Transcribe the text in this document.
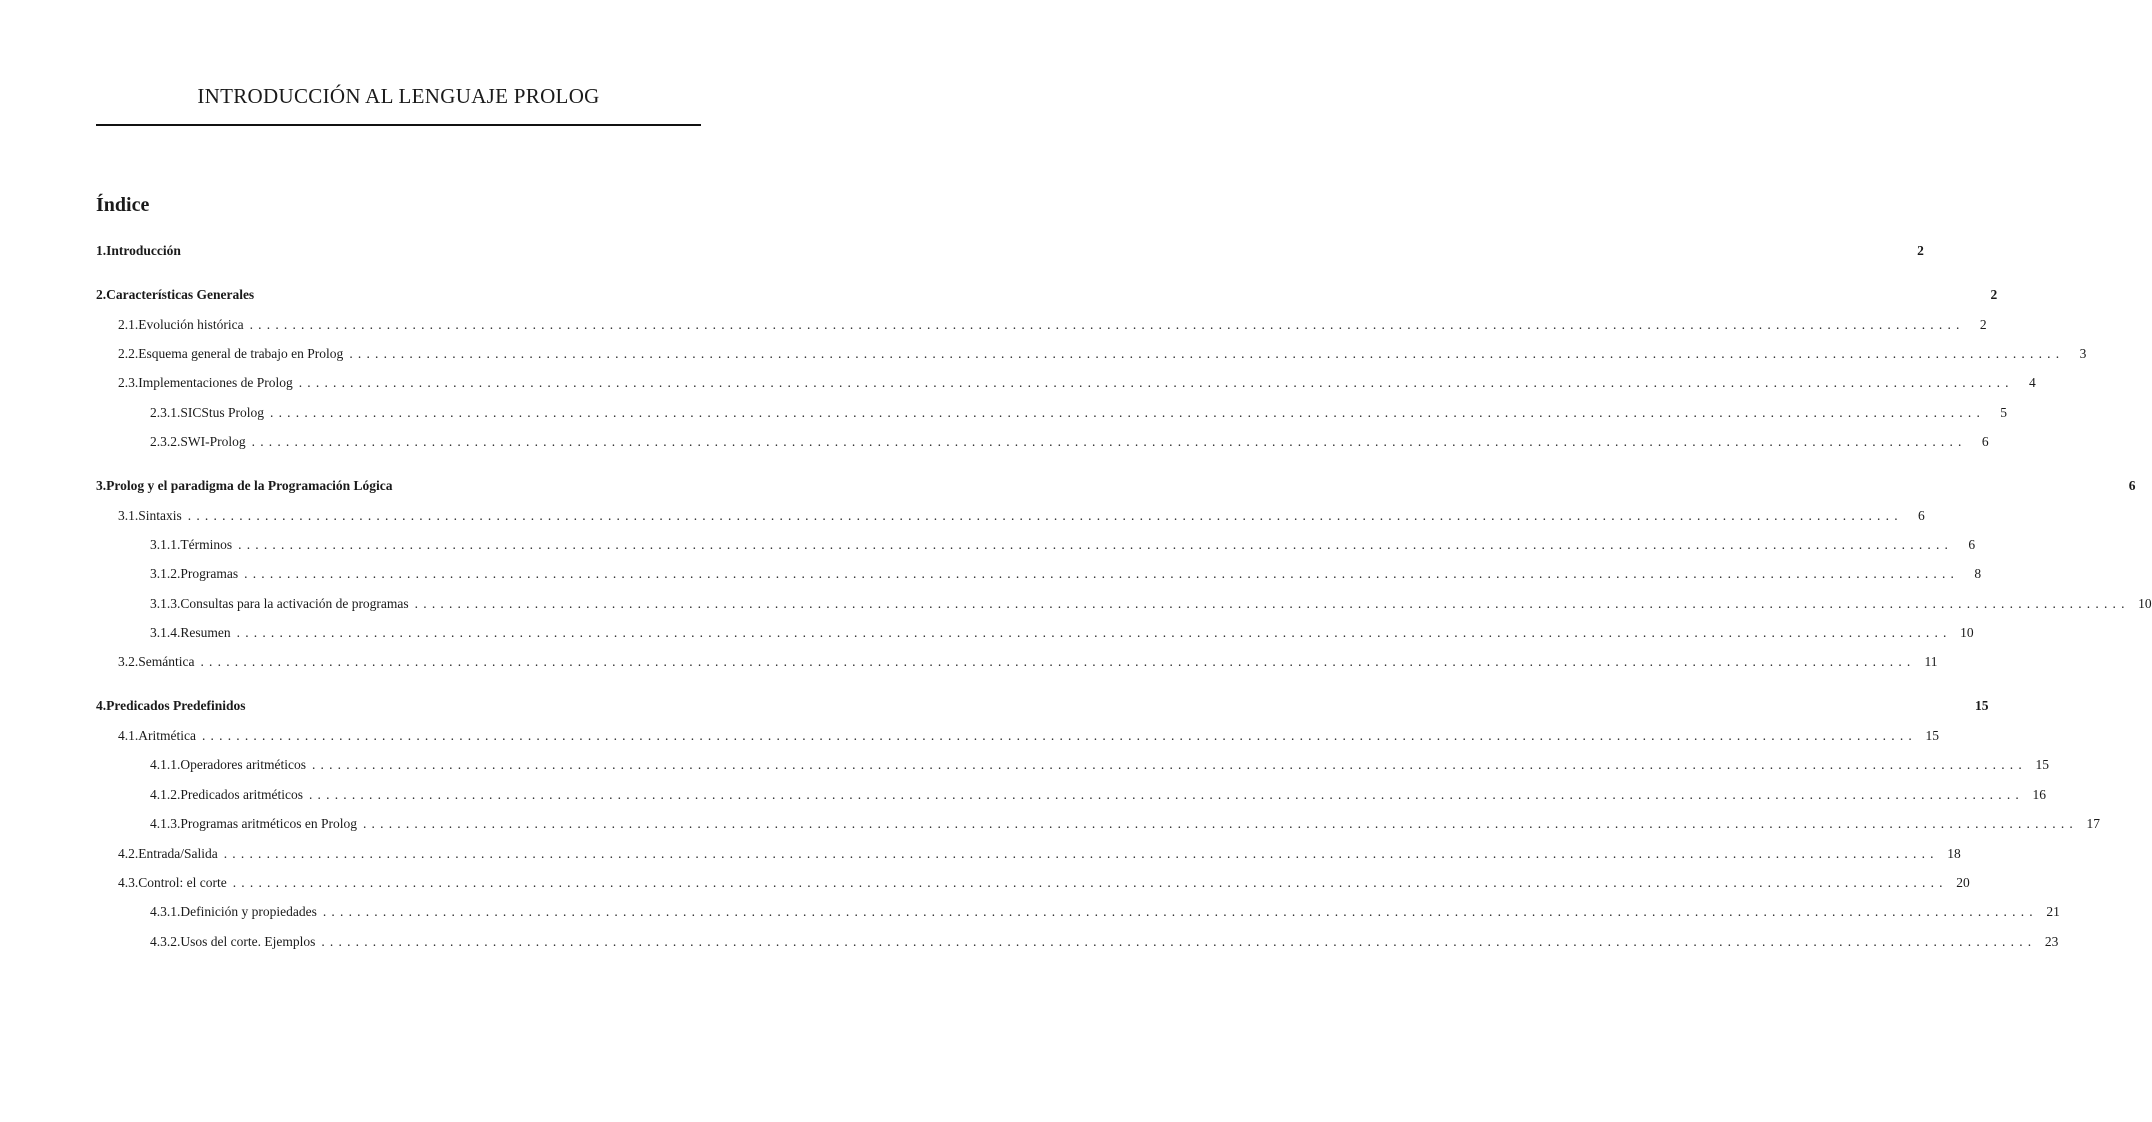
INTRODUCCIÓN AL LENGUAJE PROLOG
Índice
1. Introducción	2
2. Características Generales	2
2.1. Evolución histórica ........................................................................................................................................................................................................	2
2.2. Esquema general de trabajo en Prolog ........................................................................................................................................................................................................	3
2.3. Implementaciones de Prolog ........................................................................................................................................................................................................	4
2.3.1. SICStus Prolog ........................................................................................................................................................................................................	5
2.3.2. SWI-Prolog ........................................................................................................................................................................................................	6
3. Prolog y el paradigma de la Programación Lógica	6
3.1. Sintaxis ........................................................................................................................................................................................................	6
3.1.1. Términos ........................................................................................................................................................................................................	6
3.1.2. Programas ........................................................................................................................................................................................................	8
3.1.3. Consultas para la activación de programas ........................................................................................................................................................................................................ 10
3.1.4. Resumen ........................................................................................................................................................................................................ 10
3.2. Semántica ........................................................................................................................................................................................................ 11
4. Predicados Predefinidos	15
4.1. Aritmética ........................................................................................................................................................................................................ 15
4.1.1. Operadores aritméticos ........................................................................................................................................................................................................ 15
4.1.2. Predicados aritméticos ........................................................................................................................................................................................................ 16
4.1.3. Programas aritméticos en Prolog ........................................................................................................................................................................................................ 17
4.2. Entrada/Salida ........................................................................................................................................................................................................ 18
4.3. Control: el corte ........................................................................................................................................................................................................ 20
4.3.1. Definición y propiedades ........................................................................................................................................................................................................ 21
4.3.2. Usos del corte. Ejemplos ........................................................................................................................................................................................................ 23
